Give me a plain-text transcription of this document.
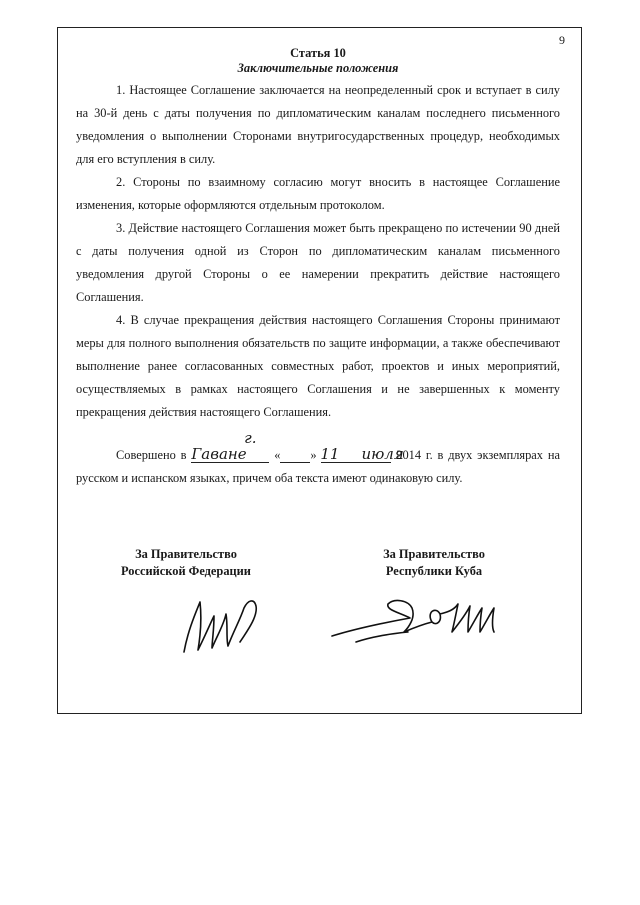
9
Статья 10
Заключительные положения

1. Настоящее Соглашение заключается на неопределенный срок и вступает в силу на 30-й день с даты получения по дипломатическим каналам последнего письменного уведомления о выполнении Сторонами внутригосударственных процедур, необходимых для его вступления в силу.

2. Стороны по взаимному согласию могут вносить в настоящее Соглашение изменения, которые оформляются отдельным протоколом.

3. Действие настоящего Соглашения может быть прекращено по истечении 90 дней с даты получения одной из Сторон по дипломатическим каналам письменного уведомления другой Стороны о ее намерении прекратить действие настоящего Соглашения.

4. В случае прекращения действия настоящего Соглашения Стороны принимают меры для полного выполнения обязательств по защите информации, а также обеспечивают выполнение ранее согласованных совместных работ, проектов и иных мероприятий, осуществляемых в рамках настоящего Соглашения и не завершенных к моменту прекращения действия настоящего Соглашения.

Совершено в г. Гаване «	11»	июля 2014 г. в двух экземплярах на русском и испанском языках, причем оба текста имеют одинаковую силу.

За Правительство
Российской Федерации
За Правительство
Республики Куба
